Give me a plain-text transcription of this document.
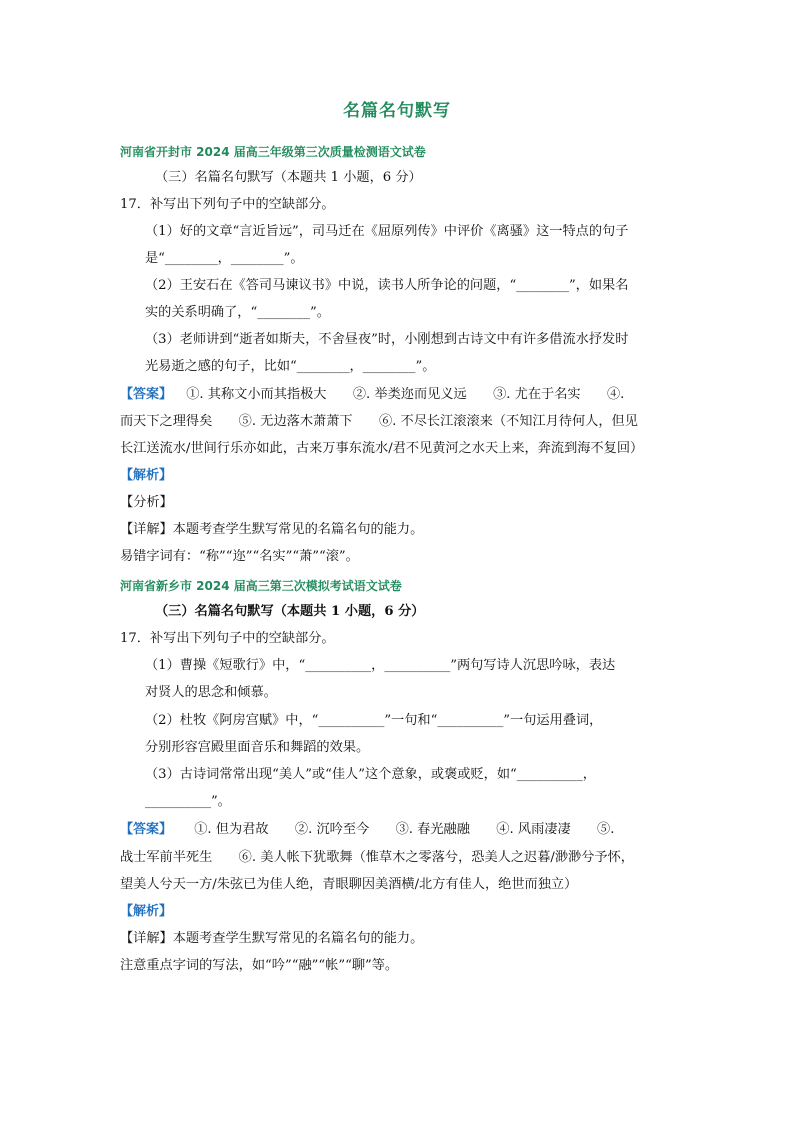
名篇名句默写
河南省开封市 2024 届高三年级第三次质量检测语文试卷
（三）名篇名句默写（本题共 1 小题，6 分）
17．补写出下列句子中的空缺部分。
（1）好的文章“言近旨远”，司马迁在《屈原列传》中评价《离骚》这一特点的句子
是“________，________”。
（2）王安石在《答司马谏议书》中说，读书人所争论的问题，“________”，如果名
实的关系明确了，“________”。
（3）老师讲到“逝者如斯夫，不舍昼夜”时，小刚想到古诗文中有许多借流水抒发时
光易逝之感的句子，比如“________，________”。
【答案】 ①. 其称文小而其指极大　　②. 举类迩而见义远　　③. 尤在于名实　　④.
而天下之理得矣　　⑤. 无边落木萧萧下　　⑥. 不尽长江滚滚来（不知江月待何人，但见
长江送流水/世间行乐亦如此，古来万事东流水/君不见黄河之水天上来，奔流到海不复回）
【解析】
【分析】
【详解】本题考查学生默写常见的名篇名句的能力。
易错字词有：“称”“迩”“名实”“萧”“滚”。
河南省新乡市 2024 届高三第三次模拟考试语文试卷
（三）名篇名句默写（本题共 1 小题，6 分）
17．补写出下列句子中的空缺部分。
（1）曹操《短歌行》中，“__________，__________”两句写诗人沉思吟咏，表达
对贤人的思念和倾慕。
（2）杜牧《阿房宫赋》中，“__________”一句和“__________”一句运用叠词，
分别形容宫殿里面音乐和舞蹈的效果。
（3）古诗词常常出现“美人”或“佳人”这个意象，或褒或贬，如“__________，
__________”。
【答案】 ①. 但为君故　　②. 沉吟至今　　③. 春光融融　　④. 风雨凄凄　　⑤.
战士军前半死生　　⑥. 美人帐下犹歌舞（惟草木之零落兮，恐美人之迟暮/渺渺兮予怀，
望美人兮天一方/朱弦已为佳人绝，青眼聊因美酒横/北方有佳人，绝世而独立）
【解析】
【详解】本题考查学生默写常见的名篇名句的能力。
注意重点字词的写法，如“吟”“融”“帐”“聊”等。
